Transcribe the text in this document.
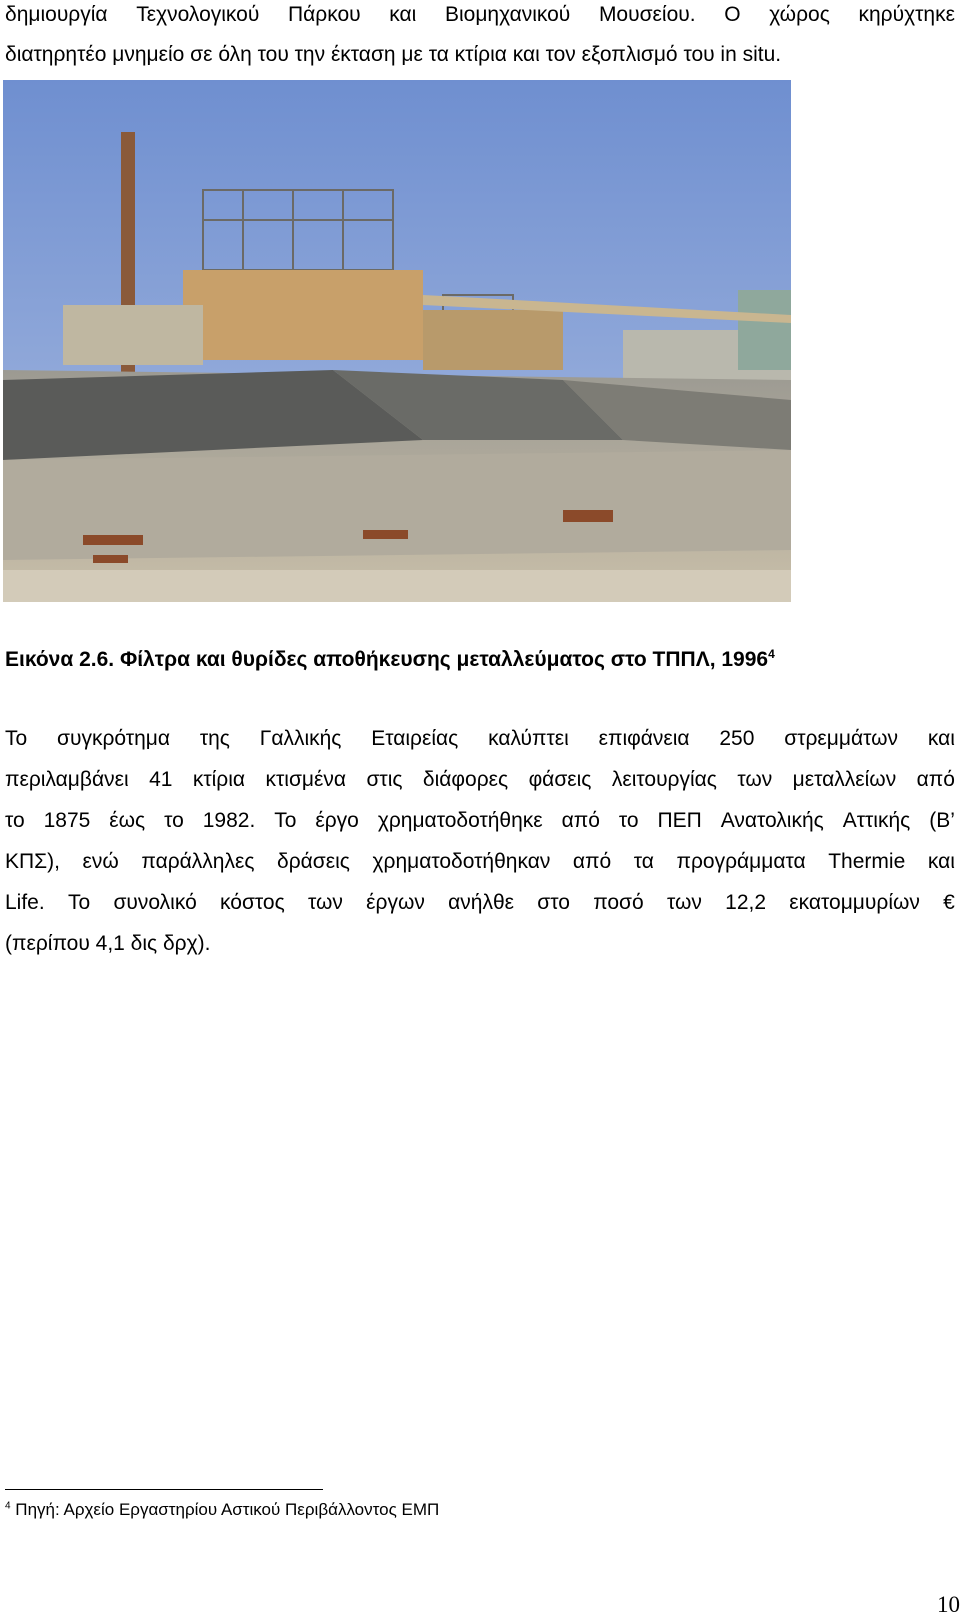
δημιουργία Τεχνολογικού Πάρκου και Βιομηχανικού Μουσείου. Ο χώρος κηρύχτηκε
διατηρητέο μνημείο σε όλη του την έκταση με τα κτίρια και τον εξοπλισμό του in situ.
Εικόνα 2.6. Φίλτρα και θυρίδες αποθήκευσης μεταλλεύματος στο ΤΠΠΛ, 1996$^4$
Το συγκρότημα της Γαλλικής Εταιρείας καλύπτει επιφάνεια 250 στρεμμάτων και
περιλαμβάνει 41 κτίρια κτισμένα στις διάφορες φάσεις λειτουργίας των μεταλλείων από
το 1875 έως το 1982. Το έργο χρηματοδοτήθηκε από το ΠΕΠ Ανατολικής Αττικής (Β’
ΚΠΣ), ενώ παράλληλες δράσεις χρηματοδοτήθηκαν από τα προγράμματα Thermie και
Life. Το συνολικό κόστος των έργων ανήλθε στο ποσό των 12,2 εκατομμυρίων €
(περίπου 4,1 δις δρχ).
$^4$ Πηγή: Αρχείο Εργαστηρίου Αστικού Περιβάλλοντος ΕΜΠ
10
